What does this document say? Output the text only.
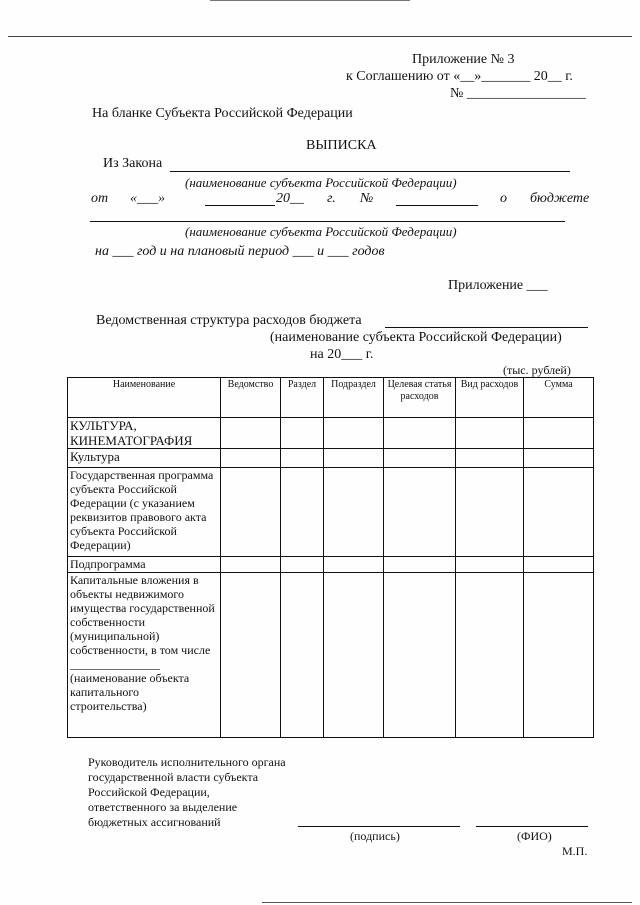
Приложение № 3
к Соглашению от «__»_______ 20__ г.
№ _________________
На бланке Субъекта Российской Федерации
ВЫПИСКА
Из Закона
(наименование субъекта Российской Федерации)
от «___»	20__ г. №	о бюджете
(наименование субъекта Российской Федерации)
на ___ год и на плановый период ___ и ___ годов
Приложение ___
Ведомственная структура расходов бюджета
(наименование субъекта Российской Федерации)
на 20___ г.
(тыс. рублей)
Наименование	Ведомство	Раздел	Подраздел	Целевая статья расходов	Вид расходов	Сумма
КУЛЬТУРА, КИНЕМАТОГРАФИЯ						
Культура						
Государственная программа субъекта Российской Федерации (с указанием реквизитов правового акта субъекта Российской Федерации)						
Подпрограмма						
Капитальные вложения в объекты недвижимого имущества государственной собственности (муниципальной) собственности, в том числе _______________ (наименование объекта капитального строительства)						
Руководитель исполнительного органа государственной власти субъекта Российской Федерации, ответственного за выделение бюджетных ассигнований
(подпись)	(ФИО)
М.П.
